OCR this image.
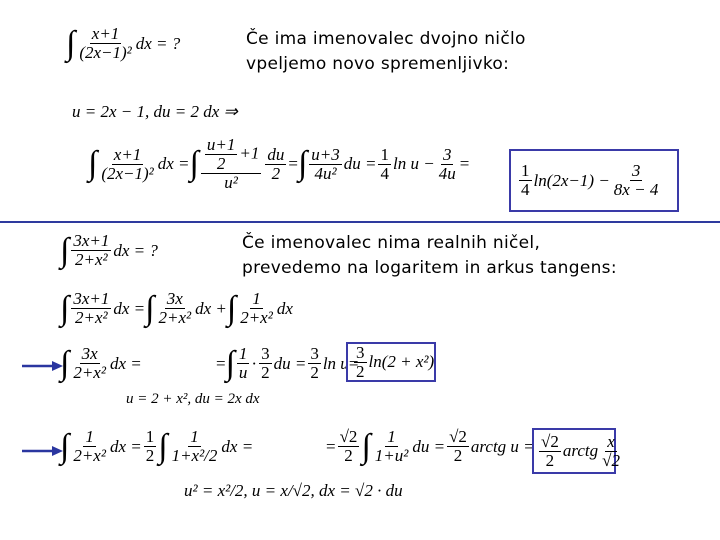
Če ima imenovalec dvojno ničlo
vpeljemo novo spremenljivko:
Če imenovalec nima realnih ničel,
prevedemo na logaritem in arkus tangens:
∫ $\frac{x+1}{\text{(2x−1)²}}$ dx = ?
u = 2x − 1, du = 2 dx ⇒
∫ $\frac{x+1}{\text{(2x−1)²}}$ dx = ∫ $\frac{\frac{u+1}{2} +1}{\text{u²}} \frac{du}{2}$ = ∫ $\frac{u+3}{\text{4u²}}$ du = $\frac{1}{4}$ $\ln u - \frac{3}{4u}$ =	$\frac{1}{4} \ln(2x-1) - \frac{3}{8x - 4}$
∫ $\frac{3x+1}{\text{2+x²}}$ dx = ?
∫ $\frac{3x+1}{\text{2+x²}}$ dx = ∫ $\frac{3x}{\text{2+x²}}$ dx + ∫ $\frac{1}{\text{2+x²}}$ dx
∫ $\frac{3x}{\text{2+x²}}$ dx =	= ∫ $\frac{1}{u} \cdot \frac{3}{2}$ du = $\frac{3}{2}$ ln u =
$\frac{3}{2} \ln(2 + x^2)$
u = 2 + x², du = 2x dx
∫ $\frac{1}{\text{2+x²}}$ dx = $\frac{1}{2}$ ∫ $\frac{1}{\text{1+x²/2}}$ dx =	= $\frac{√2}{2}$ ∫ $\frac{1}{\text{1+u²}}$ du = $\frac{√2}{2}$ arctg $u = \frac{√2}{2}$ arctg $\frac{x}{√2}$
u² = x²/2, u = x/√2, dx = √2 · du
